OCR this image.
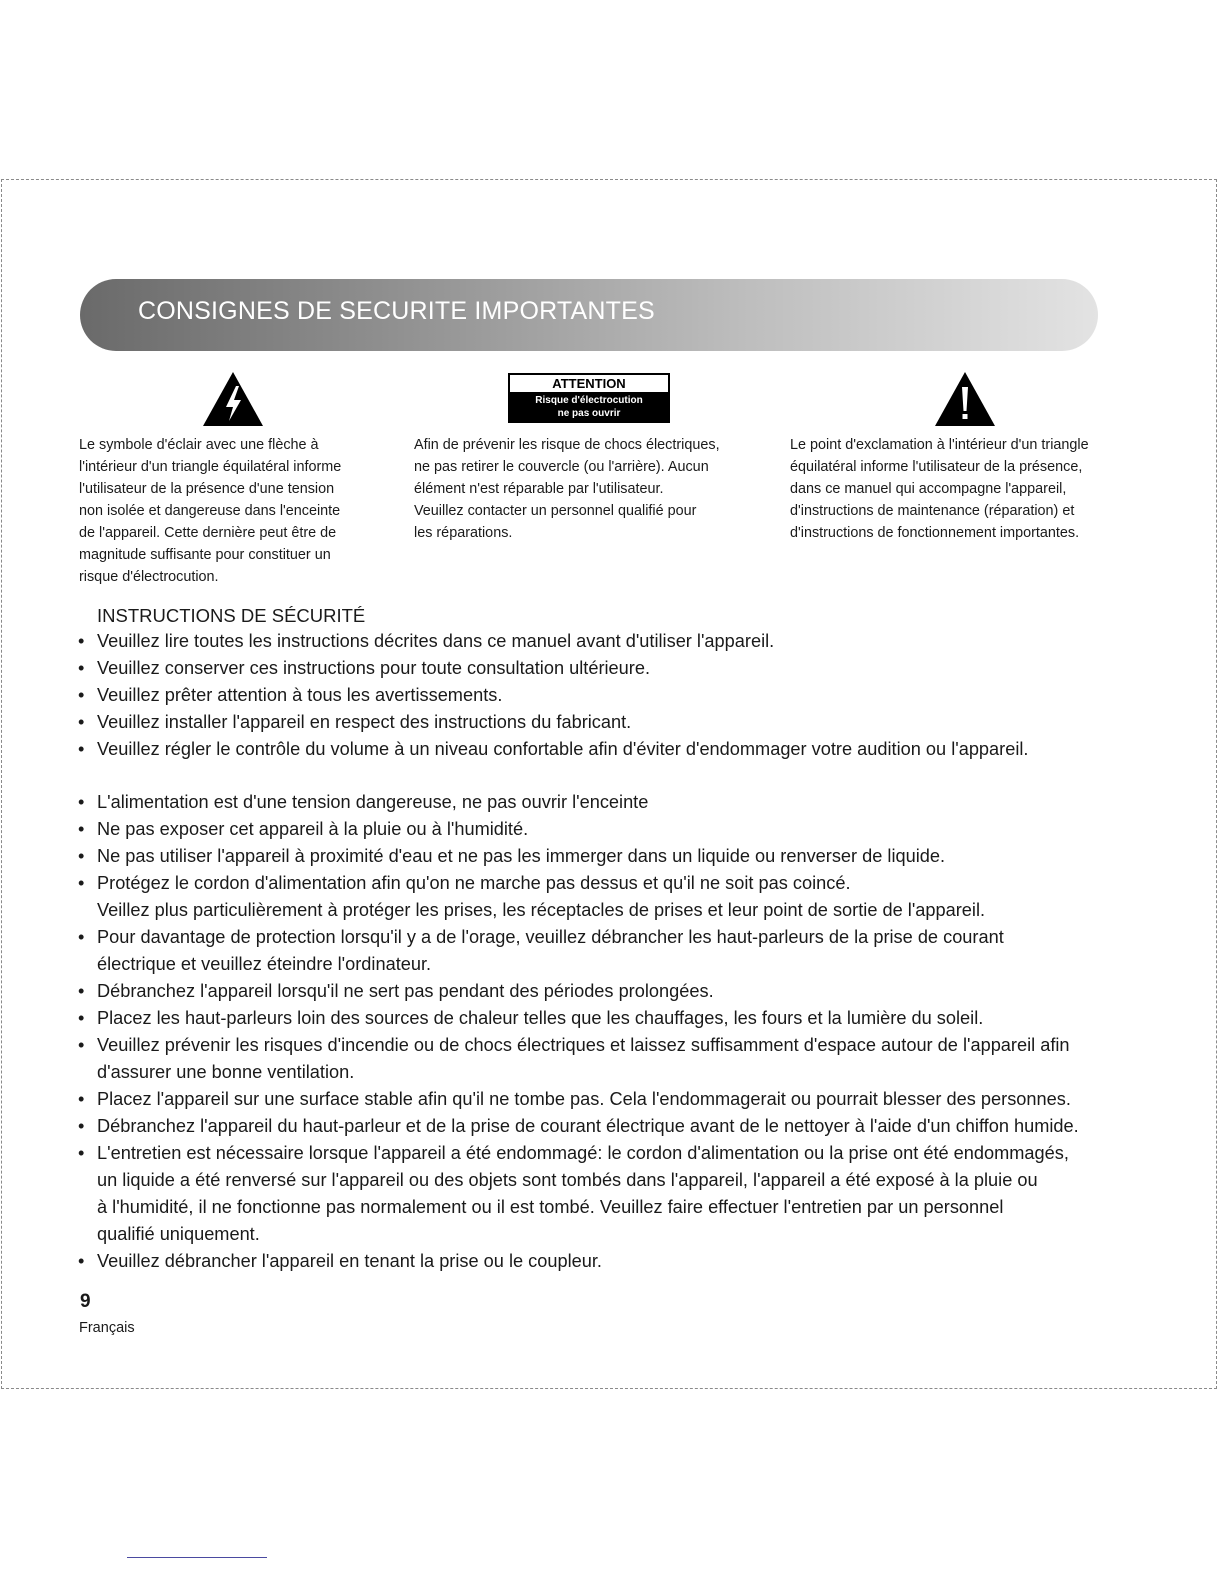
CONSIGNES DE SECURITE IMPORTANTES
ATTENTION
Risque d'électrocution
ne pas ouvrir
Le symbole d'éclair avec une flèche à
l'intérieur d'un triangle équilatéral informe
l'utilisateur de la présence d'une tension
non isolée et dangereuse dans l'enceinte
de l'appareil. Cette dernière peut être de
magnitude suffisante pour constituer un
risque d'électrocution.
Afin de prévenir les risque de chocs électriques,
ne pas retirer le couvercle (ou l'arrière). Aucun
élément n'est réparable par l'utilisateur.
Veuillez contacter un personnel qualifié pour
les réparations.
Le point d'exclamation à l'intérieur d'un triangle
équilatéral informe l'utilisateur de la présence,
dans ce manuel qui accompagne l'appareil,
d'instructions de maintenance (réparation) et
d'instructions de fonctionnement importantes.
INSTRUCTIONS DE SÉCURITÉ
• Veuillez lire toutes les instructions décrites dans ce manuel avant d'utiliser l'appareil.
• Veuillez conserver ces instructions pour toute consultation ultérieure.
• Veuillez prêter attention à tous les avertissements.
• Veuillez installer l'appareil en respect des instructions du fabricant.
• Veuillez régler le contrôle du volume à un niveau confortable afin d'éviter d'endommager votre audition ou l'appareil.
• L'alimentation est d'une tension dangereuse, ne pas ouvrir l'enceinte
• Ne pas exposer cet appareil à la pluie ou à l'humidité.
• Ne pas utiliser l'appareil à proximité d'eau et ne pas les immerger dans un liquide ou renverser de liquide.
• Protégez le cordon d'alimentation afin qu'on ne marche pas dessus et qu'il ne soit pas coincé.
Veillez plus particulièrement à protéger les prises, les réceptacles de prises et leur point de sortie de l'appareil.
• Pour davantage de protection lorsqu'il y a de l'orage, veuillez débrancher les haut-parleurs de la prise de courant
électrique et veuillez éteindre l'ordinateur.
• Débranchez l'appareil lorsqu'il ne sert pas pendant des périodes prolongées.
• Placez les haut-parleurs loin des sources de chaleur telles que les chauffages, les fours et la lumière du soleil.
• Veuillez prévenir les risques d'incendie ou de chocs électriques et laissez suffisamment d'espace autour de l'appareil afin
d'assurer une bonne ventilation.
• Placez l'appareil sur une surface stable afin qu'il ne tombe pas. Cela l'endommagerait ou pourrait blesser des personnes.
• Débranchez l'appareil du haut-parleur et de la prise de courant électrique avant de le nettoyer à l'aide d'un chiffon humide.
• L'entretien est nécessaire lorsque l'appareil a été endommagé: le cordon d'alimentation ou la prise ont été endommagés,
un liquide a été renversé sur l'appareil ou des objets sont tombés dans l'appareil, l'appareil a été exposé à la pluie ou
à l'humidité, il ne fonctionne pas normalement ou il est tombé. Veuillez faire effectuer l'entretien par un personnel
qualifié uniquement.
• Veuillez débrancher l'appareil en tenant la prise ou le coupleur.
9
Français
